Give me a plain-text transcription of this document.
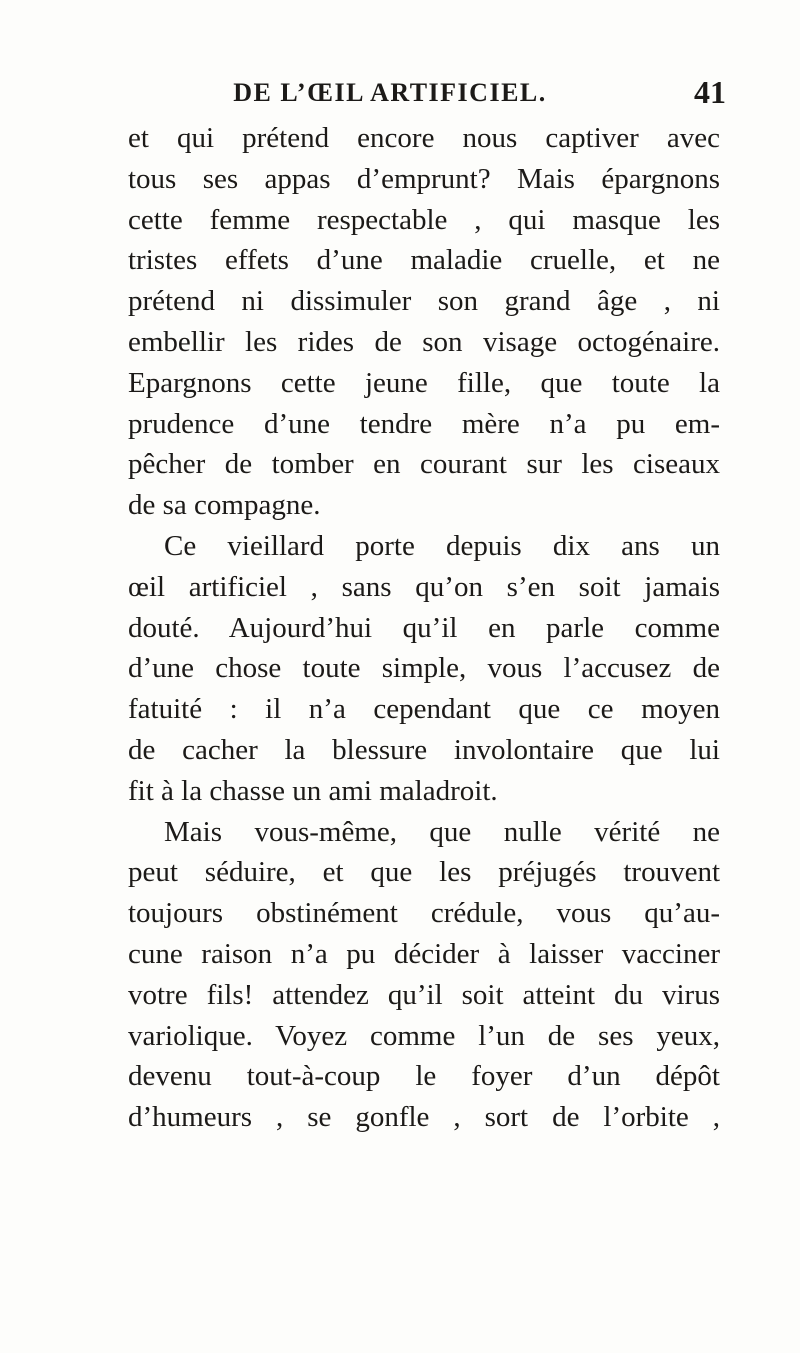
DE L’ŒIL ARTIFICIEL.	41
et qui prétend encore nous captiver avec
tous ses appas d’emprunt? Mais épargnons
cette femme respectable , qui masque les
tristes effets d’une maladie cruelle, et ne
prétend ni dissimuler son grand âge , ni
embellir les rides de son visage octogénaire.
Epargnons cette jeune fille, que toute la
prudence d’une tendre mère n’a pu em-
pêcher de tomber en courant sur les ciseaux
de sa compagne.
Ce vieillard porte depuis dix ans un
œil artificiel , sans qu’on s’en soit jamais
douté. Aujourd’hui qu’il en parle comme
d’une chose toute simple, vous l’accusez de
fatuité : il n’a cependant que ce moyen
de cacher la blessure involontaire que lui
fit à la chasse un ami maladroit.
Mais vous-même, que nulle vérité ne
peut séduire, et que les préjugés trouvent
toujours obstinément crédule, vous qu’au-
cune raison n’a pu décider à laisser vacciner
votre fils! attendez qu’il soit atteint du virus
variolique. Voyez comme l’un de ses yeux,
devenu tout-à-coup le foyer d’un dépôt
d’humeurs , se gonfle , sort de l’orbite ,
